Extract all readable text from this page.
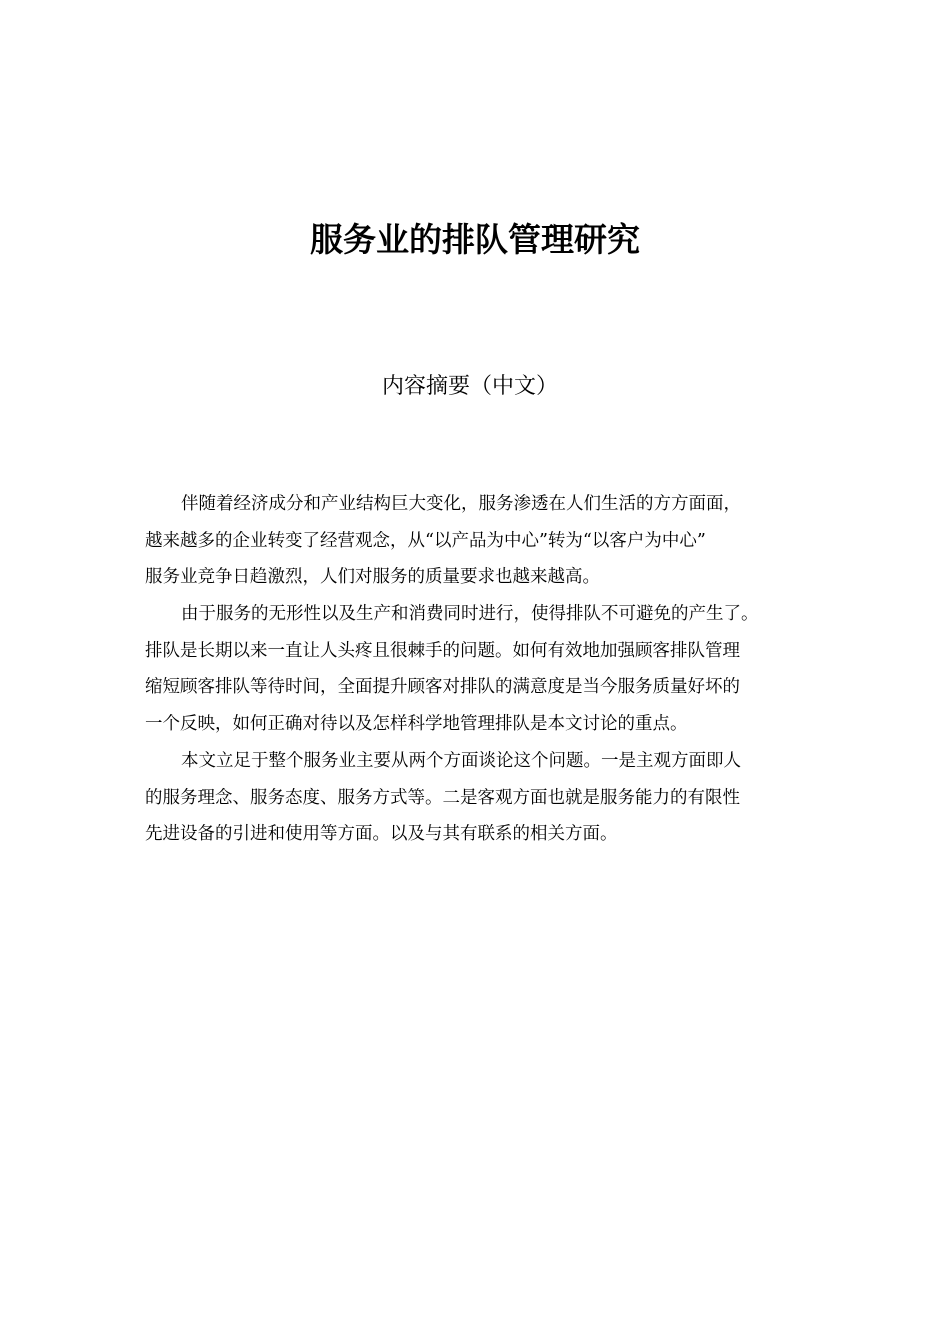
服务业的排队管理研究
内容摘要（中文）
伴随着经济成分和产业结构巨大变化，服务渗透在人们生活的方方面面，
越来越多的企业转变了经营观念，从“以产品为中心”转为“以客户为中心”
服务业竞争日趋激烈，人们对服务的质量要求也越来越高。
由于服务的无形性以及生产和消费同时进行，使得排队不可避免的产生了。
排队是长期以来一直让人头疼且很棘手的问题。如何有效地加强顾客排队管理
缩短顾客排队等待时间，全面提升顾客对排队的满意度是当今服务质量好坏的
一个反映，如何正确对待以及怎样科学地管理排队是本文讨论的重点。
本文立足于整个服务业主要从两个方面谈论这个问题。一是主观方面即人
的服务理念、服务态度、服务方式等。二是客观方面也就是服务能力的有限性
先进设备的引进和使用等方面。以及与其有联系的相关方面。
